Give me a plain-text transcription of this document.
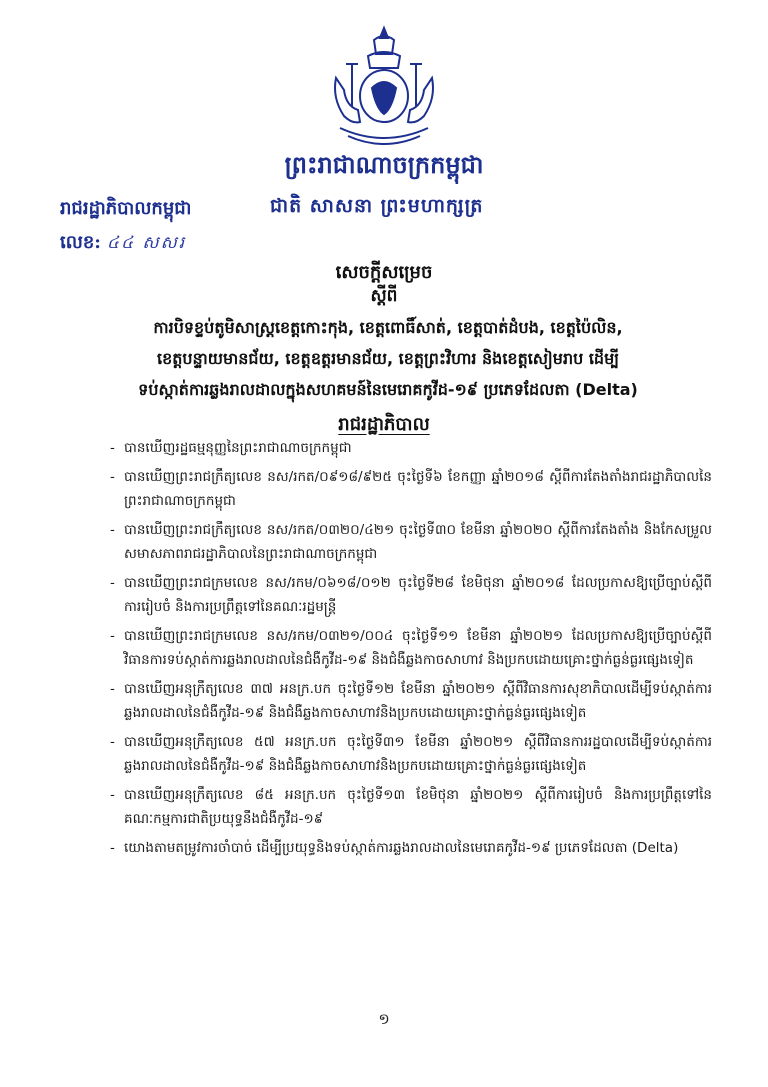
ព្រះរាជាណាចក្រកម្ពុជា
រាជរដ្ឋាភិបាលកម្ពុជា	ជាតិ សាសនា ព្រះមហាក្សត្រ
លេខ: ៤៤ សសរ
សេចក្ដីសម្រេច
ស្ដីពី
ការបិទខ្ទប់តូមិសាស្ត្រខេត្តកោះកុង, ខេត្តពោធិ៍សាត់, ខេត្តបាត់ដំបង, ខេត្តប៉ៃលិន,
ខេត្តបន្ទាយមានជ័យ, ខេត្តឧត្តរមានជ័យ, ខេត្តព្រះវិហារ និងខេត្តសៀមរាប ដើម្បី
ទប់ស្កាត់ការឆ្លងរាលដាលក្នុងសហគមន៍នៃមេរោគកូវីដ-១៩ ប្រភេទដែលតា (Delta)
រាជរដ្ឋាភិបាល
- បានឃើញរដ្ឋធម្មនុញ្ញនៃព្រះរាជាណាចក្រកម្ពុជា
- បានឃើញព្រះរាជក្រឹត្យលេខ នស/រកត/០៩១៨/៩២៥ ចុះថ្ងៃទី៦ ខែកញ្ញា ឆ្នាំ២០១៨ ស្ដីពីការតែងតាំងរាជរដ្ឋាភិបាលនៃព្រះរាជាណាចក្រកម្ពុជា
- បានឃើញព្រះរាជក្រឹត្យលេខ នស/រកត/០៣២០/៤២១ ចុះថ្ងៃទី៣០ ខែមីនា ឆ្នាំ២០២០ ស្ដីពីការតែងតាំង និងកែសម្រួលសមាសភាពរាជរដ្ឋាភិបាលនៃព្រះរាជាណាចក្រកម្ពុជា
- បានឃើញព្រះរាជក្រមលេខ នស/រកម/០៦១៨/០១២ ចុះថ្ងៃទី២៨ ខែមិថុនា ឆ្នាំ២០១៨ ដែលប្រកាសឱ្យប្រើច្បាប់ស្ដីពីការរៀបចំ និងការប្រព្រឹត្តទៅនៃគណៈរដ្ឋមន្ត្រី
- បានឃើញព្រះរាជក្រមលេខ នស/រកម/០៣២១/០០៤ ចុះថ្ងៃទី១១ ខែមីនា ឆ្នាំ២០២១ ដែលប្រកាសឱ្យប្រើច្បាប់ស្ដីពីវិធានការទប់ស្កាត់ការឆ្លងរាលដាលនៃជំងឺកូវីដ-១៩ និងជំងឺឆ្លងកាចសាហាវ និងប្រកបដោយគ្រោះថ្នាក់ធ្ងន់ធ្ងរផ្សេងទៀត
- បានឃើញអនុក្រឹត្យលេខ ៣៧ អនក្រ.បក ចុះថ្ងៃទី១២ ខែមីនា ឆ្នាំ២០២១ ស្ដីពីវិធានការសុខាភិបាលដើម្បីទប់ស្កាត់ការឆ្លងរាលដាលនៃជំងឺកូវីដ-១៩ និងជំងឺឆ្លងកាចសាហាវនិងប្រកបដោយគ្រោះថ្នាក់ធ្ងន់ធ្ងរផ្សេងទៀត
- បានឃើញអនុក្រឹត្យលេខ ៥៧ អនក្រ.បក ចុះថ្ងៃទី៣១ ខែមីនា ឆ្នាំ២០២១ ស្ដីពីវិធានការរដ្ឋបាលដើម្បីទប់ស្កាត់ការឆ្លងរាលដាលនៃជំងឺកូវីដ-១៩ និងជំងឺឆ្លងកាចសាហាវនិងប្រកបដោយគ្រោះថ្នាក់ធ្ងន់ធ្ងរផ្សេងទៀត
- បានឃើញអនុក្រឹត្យលេខ ៨៥ អនក្រ.បក ចុះថ្ងៃទី១៣ ខែមិថុនា ឆ្នាំ២០២១ ស្ដីពីការរៀបចំ និងការប្រព្រឹត្តទៅនៃគណៈកម្មការជាតិប្រយុទ្ធនឹងជំងឺកូវីដ-១៩
- យោងតាមតម្រូវការចាំបាច់ ដើម្បីប្រយុទ្ធនិងទប់ស្កាត់ការឆ្លងរាលដាលនៃមេរោគកូវីដ-១៩ ប្រភេទដែលតា (Delta)
១
